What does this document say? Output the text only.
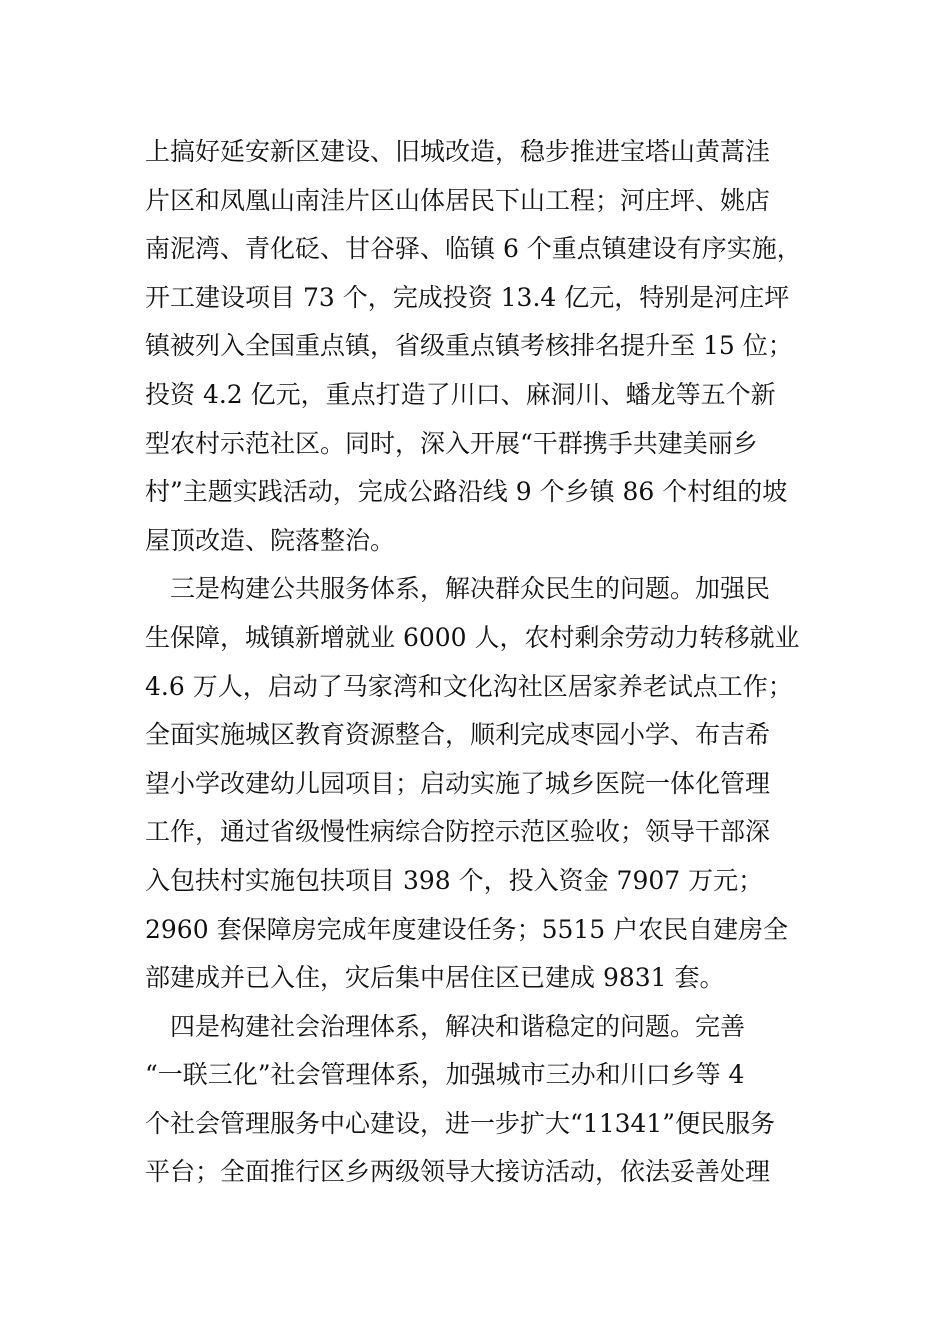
上搞好延安新区建设、旧城改造，稳步推进宝塔山黄蒿洼
片区和凤凰山南洼片区山体居民下山工程；河庄坪、姚店
南泥湾、青化砭、甘谷驿、临镇 6 个重点镇建设有序实施，
开工建设项目 73 个，完成投资 13.4 亿元，特别是河庄坪
镇被列入全国重点镇，省级重点镇考核排名提升至 15 位；
投资 4.2 亿元，重点打造了川口、麻洞川、蟠龙等五个新
型农村示范社区。同时，深入开展“干群携手共建美丽乡
村”主题实践活动，完成公路沿线 9 个乡镇 86 个村组的坡
屋顶改造、院落整治。
　三是构建公共服务体系，解决群众民生的问题。加强民
生保障，城镇新增就业 6000 人，农村剩余劳动力转移就业
4.6 万人，启动了马家湾和文化沟社区居家养老试点工作；
全面实施城区教育资源整合，顺利完成枣园小学、布吉希
望小学改建幼儿园项目；启动实施了城乡医院一体化管理
工作，通过省级慢性病综合防控示范区验收；领导干部深
入包扶村实施包扶项目 398 个，投入资金 7907 万元；
2960 套保障房完成年度建设任务；5515 户农民自建房全
部建成并已入住，灾后集中居住区已建成 9831 套。
　四是构建社会治理体系，解决和谐稳定的问题。完善
“一联三化”社会管理体系，加强城市三办和川口乡等 4
个社会管理服务中心建设，进一步扩大“11341”便民服务
平台；全面推行区乡两级领导大接访活动，依法妥善处理
